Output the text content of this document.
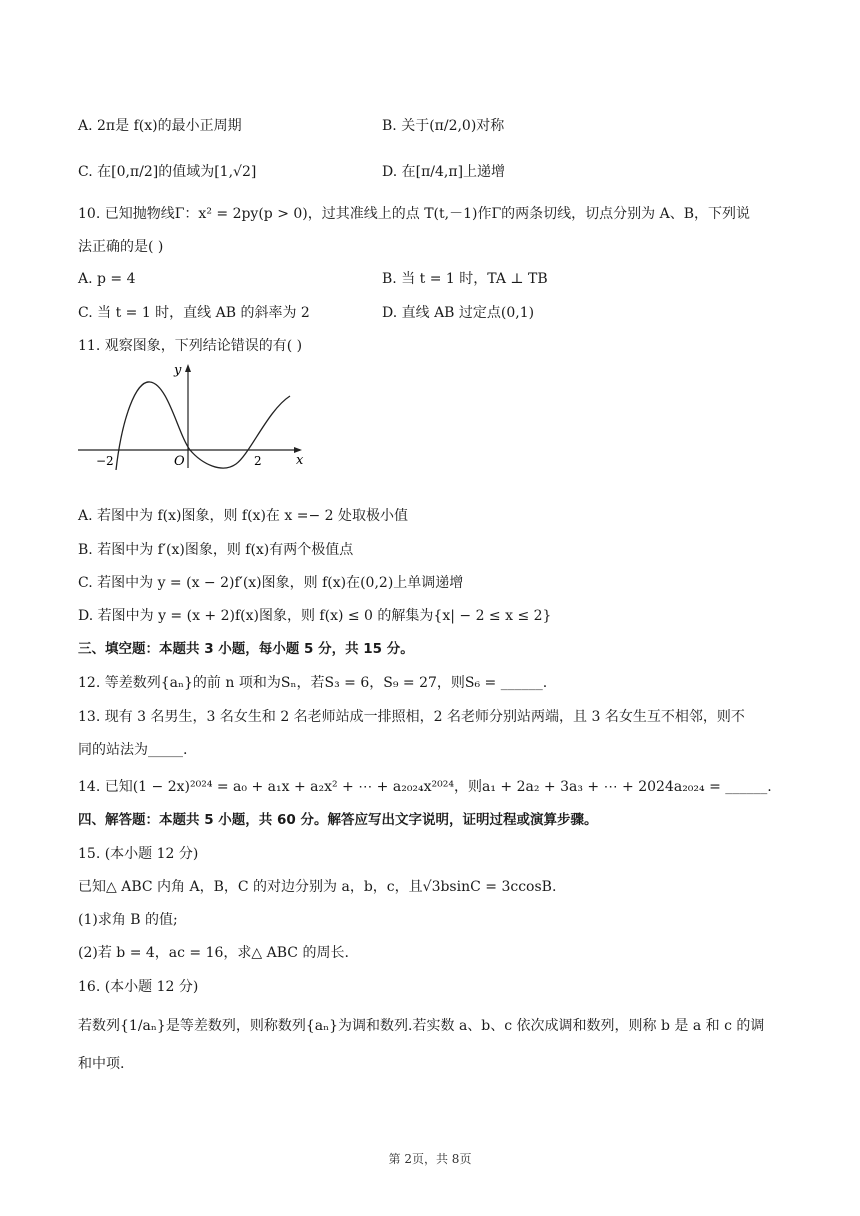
A. 2π是 f(x)的最小正周期	B. 关于(π/2,0)对称
C. 在[0,π/2]的值域为[1,√2]	D. 在[π/4,π]上递增
10. 已知抛物线Γ：x² = 2py(p > 0)，过其准线上的点 T(t,－1)作Γ的两条切线，切点分别为 A、B，下列说
法正确的是( )
A. p = 4	B. 当 t = 1 时，TA ⊥ TB
C. 当 t = 1 时，直线 AB 的斜率为 2	D. 直线 AB 过定点(0,1)
11. 观察图象，下列结论错误的有( )
y
x
O
−2	2
A. 若图中为 f(x)图象，则 f(x)在 x =− 2 处取极小值
B. 若图中为 f′(x)图象，则 f(x)有两个极值点
C. 若图中为 y = (x − 2)f′(x)图象，则 f(x)在(0,2)上单调递增
D. 若图中为 y = (x + 2)f(x)图象，则 f(x) ≤ 0 的解集为{x| − 2 ≤ x ≤ 2}
三、填空题：本题共 3 小题，每小题 5 分，共 15 分。
12. 等差数列{aₙ}的前 n 项和为Sₙ，若S₃ = 6，S₉ = 27，则S₆ = ______.
13. 现有 3 名男生，3 名女生和 2 名老师站成一排照相，2 名老师分别站两端，且 3 名女生互不相邻，则不
同的站法为_____.
14. 已知(1 − 2x)²⁰²⁴ = a₀ + a₁x + a₂x² + ⋯ + a₂₀₂₄x²⁰²⁴，则a₁ + 2a₂ + 3a₃ + ⋯ + 2024a₂₀₂₄ = ______.
四、解答题：本题共 5 小题，共 60 分。解答应写出文字说明，证明过程或演算步骤。
15. (本小题 12 分)
已知△ ABC 内角 A，B，C 的对边分别为 a，b，c，且√3bsinC = 3ccosB.
(1)求角 B 的值;
(2)若 b = 4，ac = 16，求△ ABC 的周长.
16. (本小题 12 分)
若数列{1/aₙ}是等差数列，则称数列{aₙ}为调和数列.若实数 a、b、c 依次成调和数列，则称 b 是 a 和 c 的调
和中项.
第 2页，共 8页
